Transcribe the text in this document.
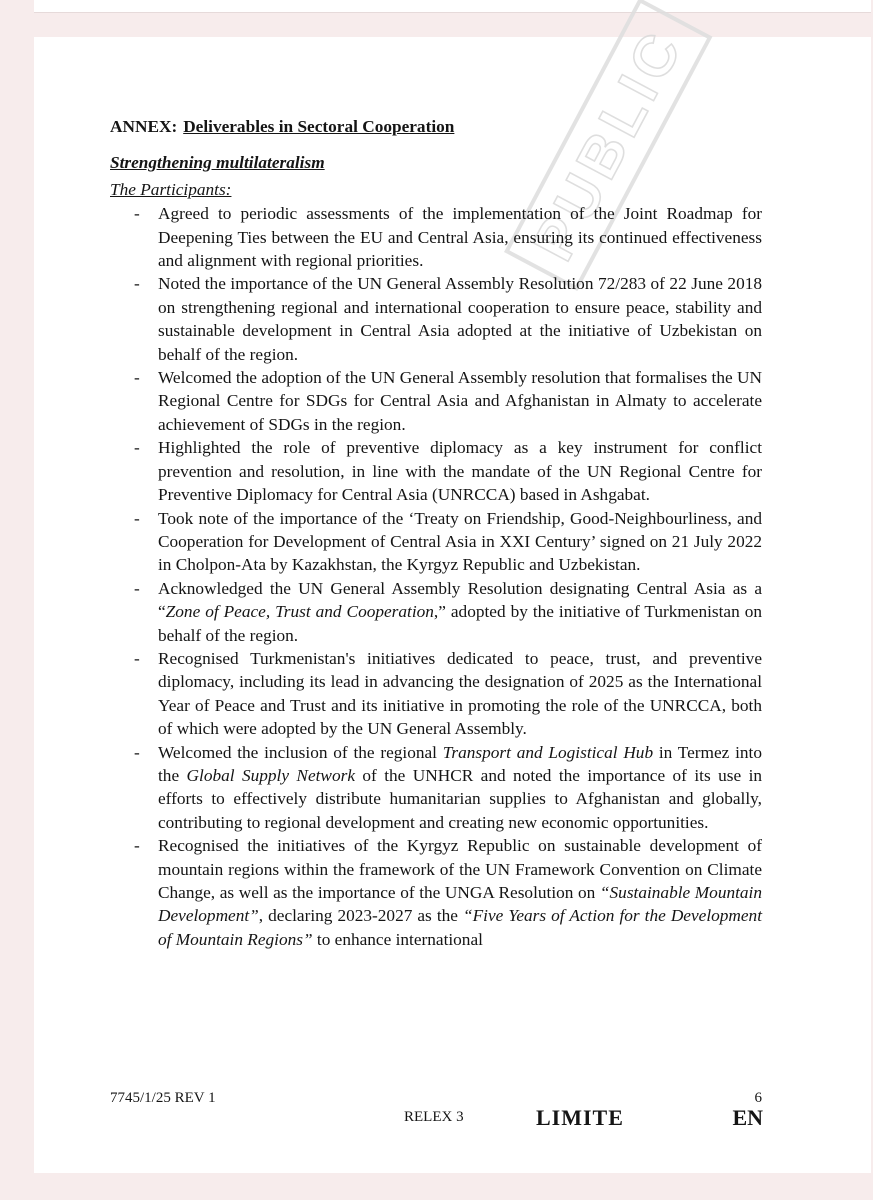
PUBLIC

ANNEX: Deliverables in Sectoral Cooperation

Strengthening multilateralism

The Participants:

- Agreed to periodic assessments of the implementation of the Joint Roadmap for Deepening Ties between the EU and Central Asia, ensuring its continued effectiveness and alignment with regional priorities.
- Noted the importance of the UN General Assembly Resolution 72/283 of 22 June 2018 on strengthening regional and international cooperation to ensure peace, stability and sustainable development in Central Asia adopted at the initiative of Uzbekistan on behalf of the region.
- Welcomed the adoption of the UN General Assembly resolution that formalises the UN Regional Centre for SDGs for Central Asia and Afghanistan in Almaty to accelerate achievement of SDGs in the region.
- Highlighted the role of preventive diplomacy as a key instrument for conflict prevention and resolution, in line with the mandate of the UN Regional Centre for Preventive Diplomacy for Central Asia (UNRCCA) based in Ashgabat.
- Took note of the importance of the ‘Treaty on Friendship, Good-Neighbourliness, and Cooperation for Development of Central Asia in XXI Century’ signed on 21 July 2022 in Cholpon-Ata by Kazakhstan, the Kyrgyz Republic and Uzbekistan.
- Acknowledged the UN General Assembly Resolution designating Central Asia as a “Zone of Peace, Trust and Cooperation,” adopted by the initiative of Turkmenistan on behalf of the region.
- Recognised Turkmenistan's initiatives dedicated to peace, trust, and preventive diplomacy, including its lead in advancing the designation of 2025 as the International Year of Peace and Trust and its initiative in promoting the role of the UNRCCA, both of which were adopted by the UN General Assembly.
- Welcomed the inclusion of the regional Transport and Logistical Hub in Termez into the Global Supply Network of the UNHCR and noted the importance of its use in efforts to effectively distribute humanitarian supplies to Afghanistan and globally, contributing to regional development and creating new economic opportunities.
- Recognised the initiatives of the Kyrgyz Republic on sustainable development of mountain regions within the framework of the UN Framework Convention on Climate Change, as well as the importance of the UNGA Resolution on “Sustainable Mountain Development”, declaring 2023-2027 as the “Five Years of Action for the Development of Mountain Regions” to enhance international
7745/1/25 REV 1	6
RELEX 3	LIMITE	EN
